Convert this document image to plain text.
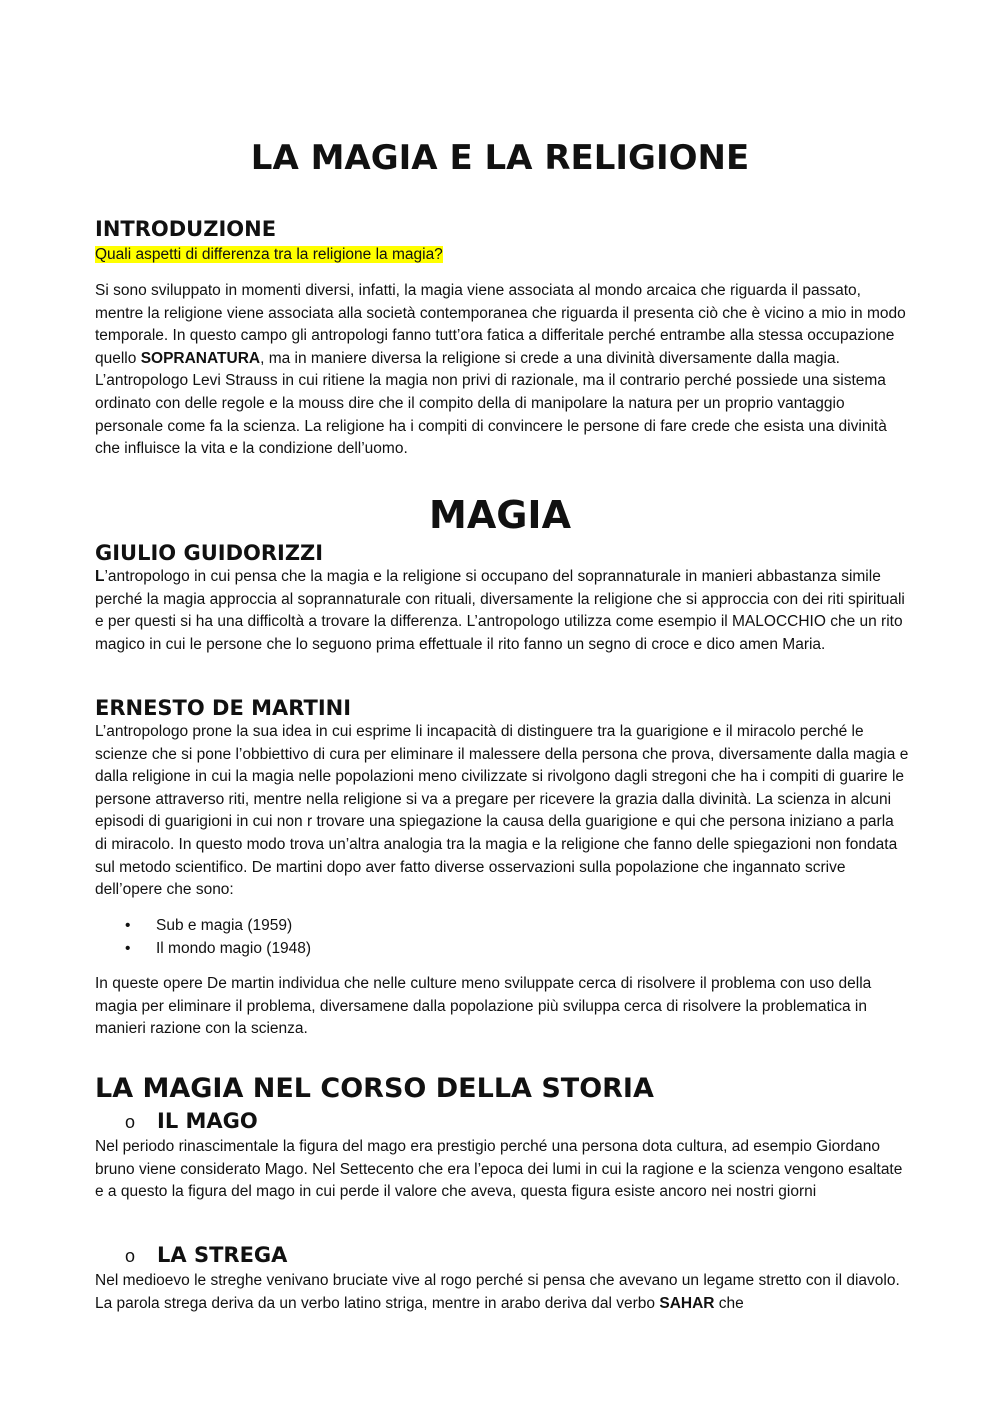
LA MAGIA E LA RELIGIONE
INTRODUZIONE

Quali aspetti di differenza tra la religione la magia?

Si sono sviluppato in momenti diversi, infatti, la magia viene associata al mondo arcaica che riguarda il passato, mentre la religione viene associata alla società contemporanea che riguarda il presenta ciò che è vicino a mio in modo temporale. In questo campo gli antropologi fanno tutt’ora fatica a differitale perché entrambe alla stessa occupazione quello SOPRANATURA, ma in maniere diversa la religione si crede a una divinità diversamente dalla magia. L’antropologo Levi Strauss in cui ritiene la magia non privi di razionale, ma il contrario perché possiede una sistema ordinato con delle regole e la mouss dire che il compito della di manipolare la natura per un proprio vantaggio personale come fa la scienza. La religione ha i compiti di convincere le persone di fare crede che esista una divinità che influisce la vita e la condizione dell’uomo.

MAGIA
GIULIO GUIDORIZZI

L’antropologo in cui pensa che la magia e la religione si occupano del soprannaturale in manieri abbastanza simile perché la magia approccia al soprannaturale con rituali, diversamente la religione che si approccia con dei riti spirituali e per questi si ha una difficoltà a trovare la differenza. L’antropologo utilizza come esempio il MALOCCHIO che un rito magico in cui le persone che lo seguono prima effettuale il rito fanno un segno di croce e dico amen Maria.

ERNESTO DE MARTINI

L’antropologo prone la sua idea in cui esprime li incapacità di distinguere tra la guarigione e il miracolo perché le scienze che si pone l’obbiettivo di cura per eliminare il malessere della persona che prova, diversamente dalla magia e dalla religione in cui la magia nelle popolazioni meno civilizzate si rivolgono dagli stregoni che ha i compiti di guarire le persone attraverso riti, mentre nella religione si va a pregare per ricevere la grazia dalla divinità. La scienza in alcuni episodi di guarigioni in cui non r trovare una spiegazione la causa della guarigione e qui che persona iniziano a parla di miracolo. In questo modo trova un’altra analogia tra la magia e la religione che fanno delle spiegazioni non fondata sul metodo scientifico. De martini dopo aver fatto diverse osservazioni sulla popolazione che ingannato scrive dell’opere che sono:

•	Sub e magia (1959)
•	Il mondo magio (1948)

In queste opere De martin individua che nelle culture meno sviluppate cerca di risolvere il problema con uso della magia per eliminare il problema, diversamene dalla popolazione più sviluppa cerca di risolvere la problematica in manieri razione con la scienza.

LA MAGIA NEL CORSO DELLA STORIA
o	IL MAGO

Nel periodo rinascimentale la figura del mago era prestigio perché una persona dota cultura, ad esempio Giordano bruno viene considerato Mago. Nel Settecento che era l’epoca dei lumi in cui la ragione e la scienza vengono esaltate e a questo la figura del mago in cui perde il valore che aveva, questa figura esiste ancoro nei nostri giorni

o	LA STREGA

Nel medioevo le streghe venivano bruciate vive al rogo perché si pensa che avevano un legame stretto con il diavolo. La parola strega deriva da un verbo latino striga, mentre in arabo deriva dal verbo SAHAR che
